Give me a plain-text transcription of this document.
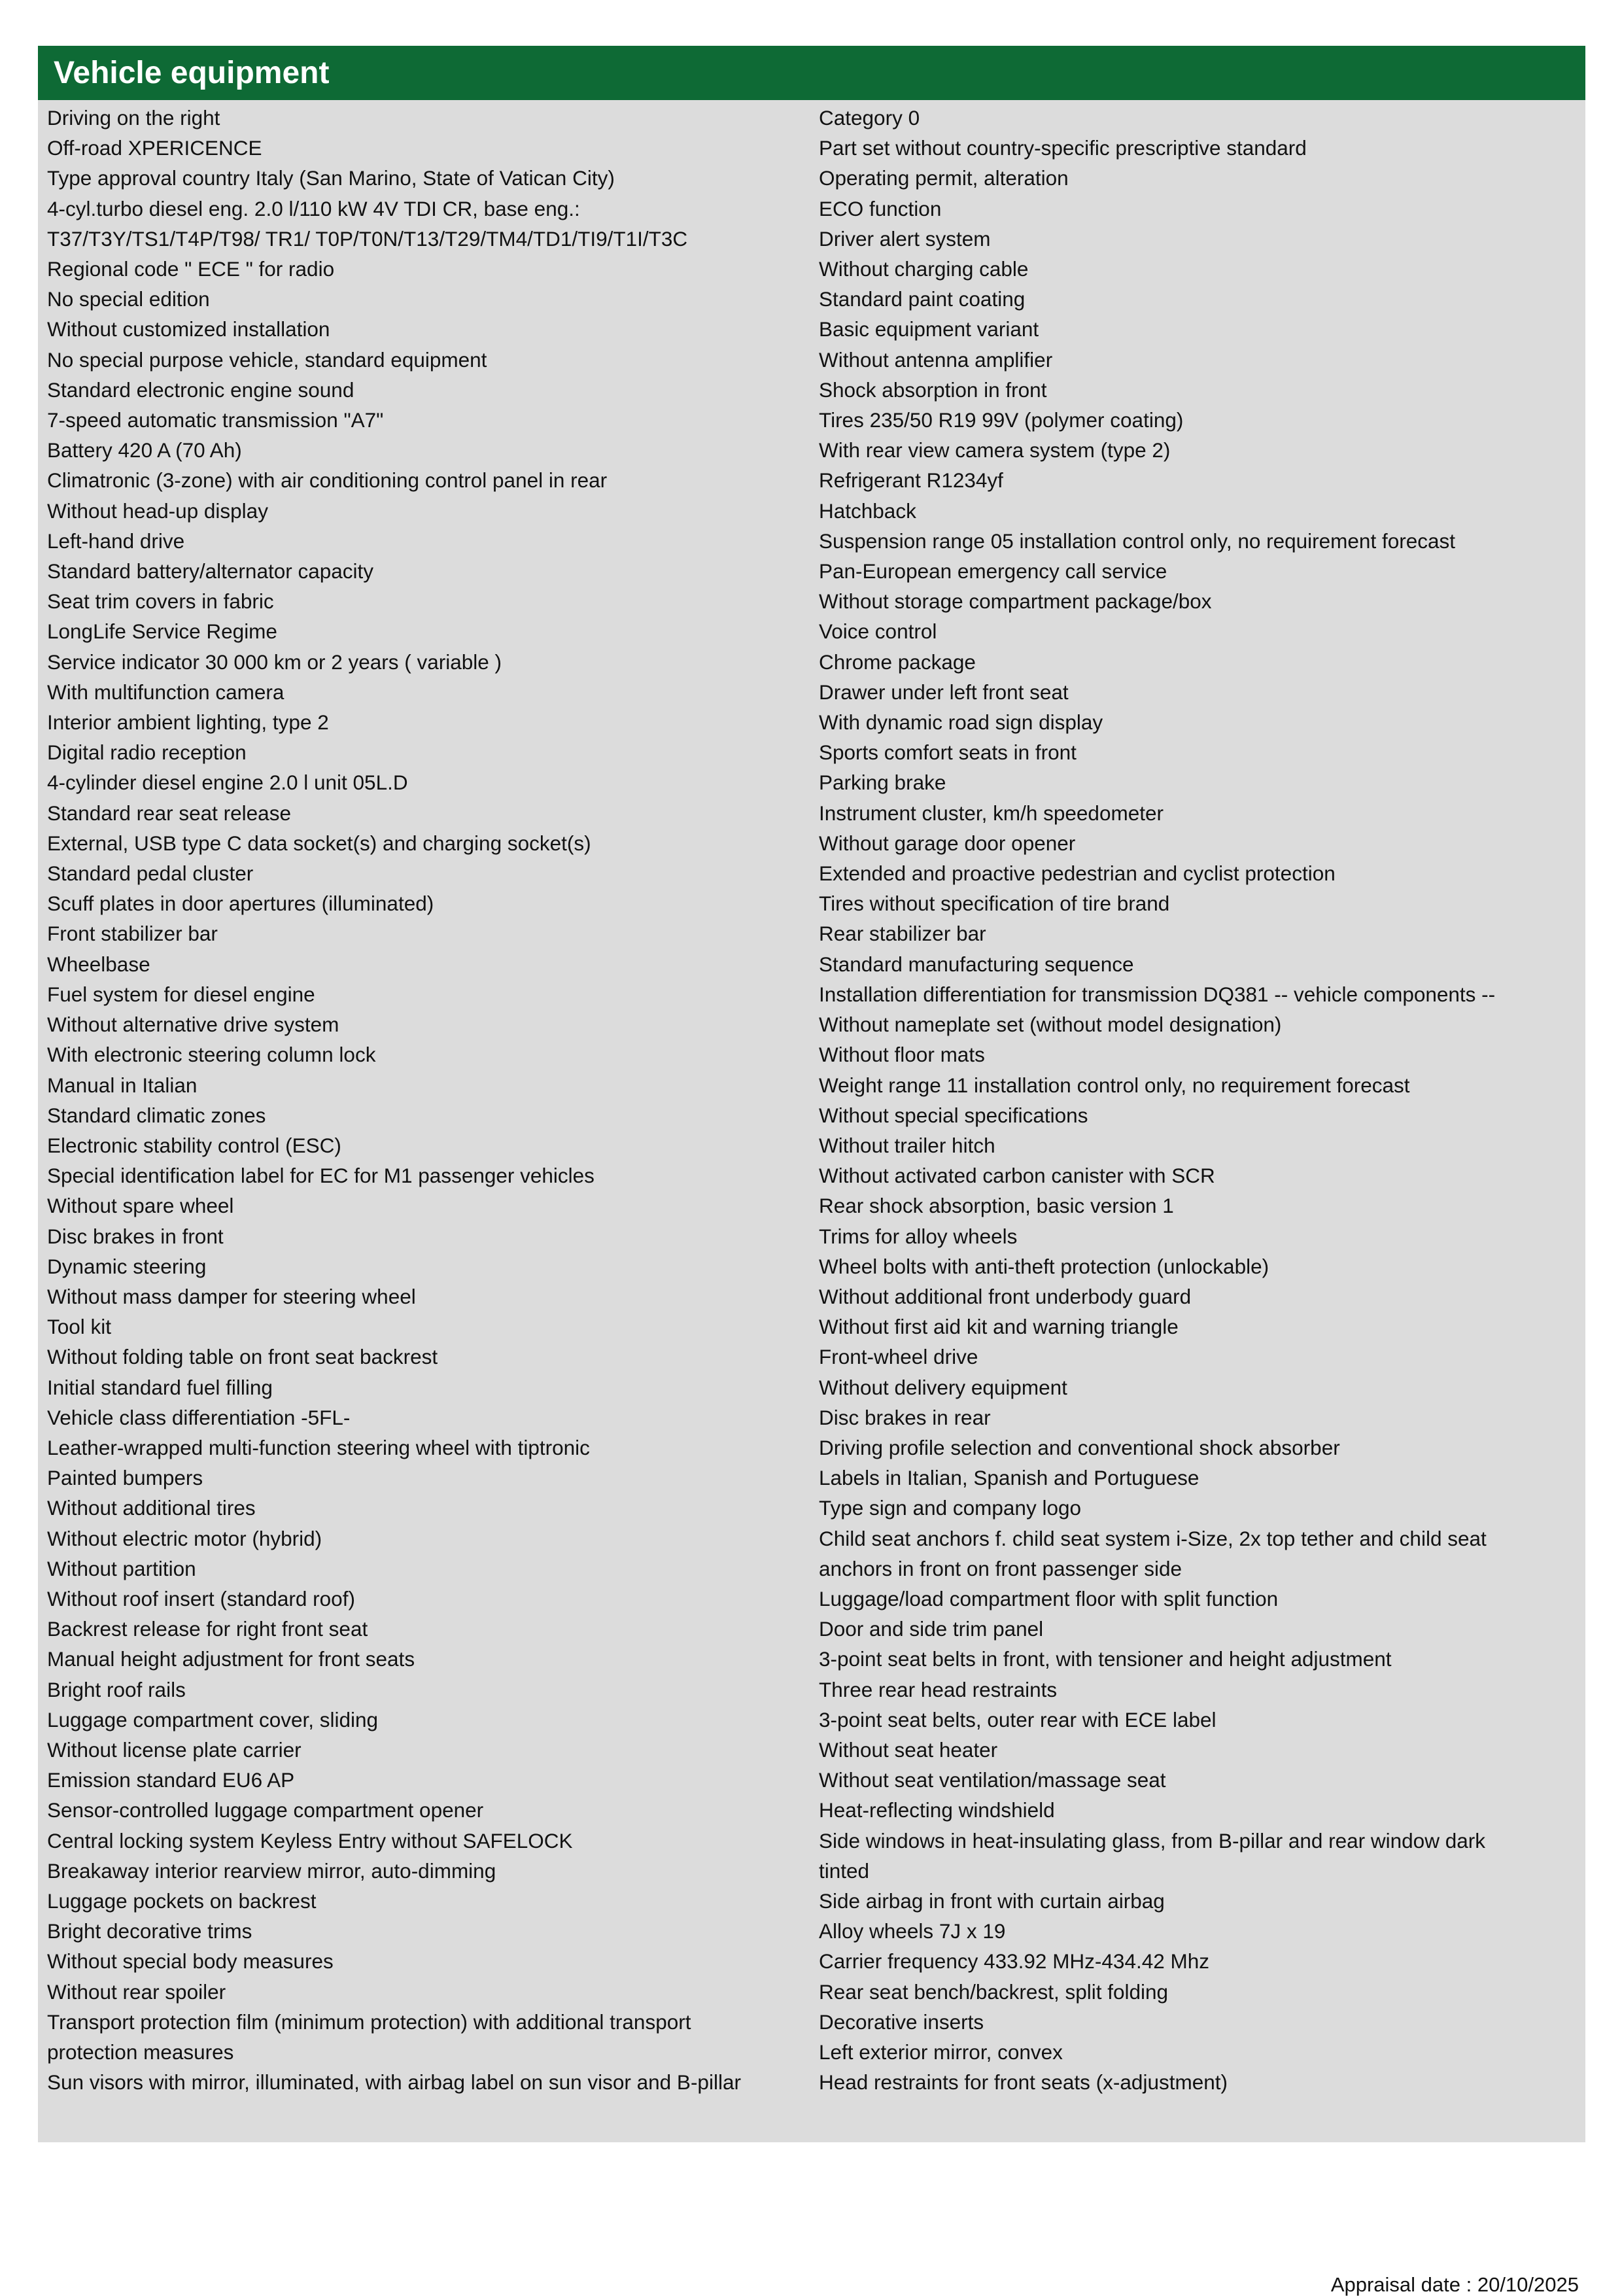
Vehicle equipment
Driving on the right
Off-road XPERICENCE
Type approval country Italy (San Marino, State of Vatican City)
4-cyl.turbo diesel eng. 2.0 l/110 kW 4V TDI CR, base eng.:
T37/T3Y/TS1/T4P/T98/ TR1/ T0P/T0N/T13/T29/TM4/TD1/TI9/T1I/T3C
Regional code " ECE " for radio
No special edition
Without customized installation
No special purpose vehicle, standard equipment
Standard electronic engine sound
7-speed automatic transmission "A7"
Battery 420 A (70 Ah)
Climatronic (3-zone) with air conditioning control panel in rear
Without head-up display
Left-hand drive
Standard battery/alternator capacity
Seat trim covers in fabric
LongLife Service Regime
Service indicator 30 000 km or 2 years ( variable )
With multifunction camera
Interior ambient lighting, type 2
Digital radio reception
4-cylinder diesel engine 2.0 l unit 05L.D
Standard rear seat release
External, USB type C data socket(s) and charging socket(s)
Standard pedal cluster
Scuff plates in door apertures (illuminated)
Front stabilizer bar
Wheelbase
Fuel system for diesel engine
Without alternative drive system
With electronic steering column lock
Manual in Italian
Standard climatic zones
Electronic stability control (ESC)
Special identification label for EC for M1 passenger vehicles
Without spare wheel
Disc brakes in front
Dynamic steering
Without mass damper for steering wheel
Tool kit
Without folding table on front seat backrest
Initial standard fuel filling
Vehicle class differentiation -5FL-
Leather-wrapped multi-function steering wheel with tiptronic
Painted bumpers
Without additional tires
Without electric motor (hybrid)
Without partition
Without roof insert (standard roof)
Backrest release for right front seat
Manual height adjustment for front seats
Bright roof rails
Luggage compartment cover, sliding
Without license plate carrier
Emission standard EU6 AP
Sensor-controlled luggage compartment opener
Central locking system Keyless Entry without SAFELOCK
Breakaway interior rearview mirror, auto-dimming
Luggage pockets on backrest
Bright decorative trims
Without special body measures
Without rear spoiler
Transport protection film (minimum protection) with additional transport
protection measures
Sun visors with mirror, illuminated, with airbag label on sun visor and B-pillar
Category 0
Part set without country-specific prescriptive standard
Operating permit, alteration
ECO function
Driver alert system
Without charging cable
Standard paint coating
Basic equipment variant
Without antenna amplifier
Shock absorption in front
Tires 235/50 R19 99V (polymer coating)
With rear view camera system (type 2)
Refrigerant R1234yf
Hatchback
Suspension range 05 installation control only, no requirement forecast
Pan-European emergency call service
Without storage compartment package/box
Voice control
Chrome package
Drawer under left front seat
With dynamic road sign display
Sports comfort seats in front
Parking brake
Instrument cluster, km/h speedometer
Without garage door opener
Extended and proactive pedestrian and cyclist protection
Tires without specification of tire brand
Rear stabilizer bar
Standard manufacturing sequence
Installation differentiation for transmission DQ381 -- vehicle components --
Without nameplate set (without model designation)
Without floor mats
Weight range 11 installation control only, no requirement forecast
Without special specifications
Without trailer hitch
Without activated carbon canister with SCR
Rear shock absorption, basic version 1
Trims for alloy wheels
Wheel bolts with anti-theft protection (unlockable)
Without additional front underbody guard
Without first aid kit and warning triangle
Front-wheel drive
Without delivery equipment
Disc brakes in rear
Driving profile selection and conventional shock absorber
Labels in Italian, Spanish and Portuguese
Type sign and company logo
Child seat anchors f. child seat system i-Size, 2x top tether and child seat
anchors in front on front passenger side
Luggage/load compartment floor with split function
Door and side trim panel
3-point seat belts in front, with tensioner and height adjustment
Three rear head restraints
3-point seat belts, outer rear with ECE label
Without seat heater
Without seat ventilation/massage seat
Heat-reflecting windshield
Side windows in heat-insulating glass, from B-pillar and rear window dark
tinted
Side airbag in front with curtain airbag
Alloy wheels 7J x 19
Carrier frequency 433.92 MHz-434.42 Mhz
Rear seat bench/backrest, split folding
Decorative inserts
Left exterior mirror, convex
Head restraints for front seats (x-adjustment)
Appraisal date : 20/10/2025
